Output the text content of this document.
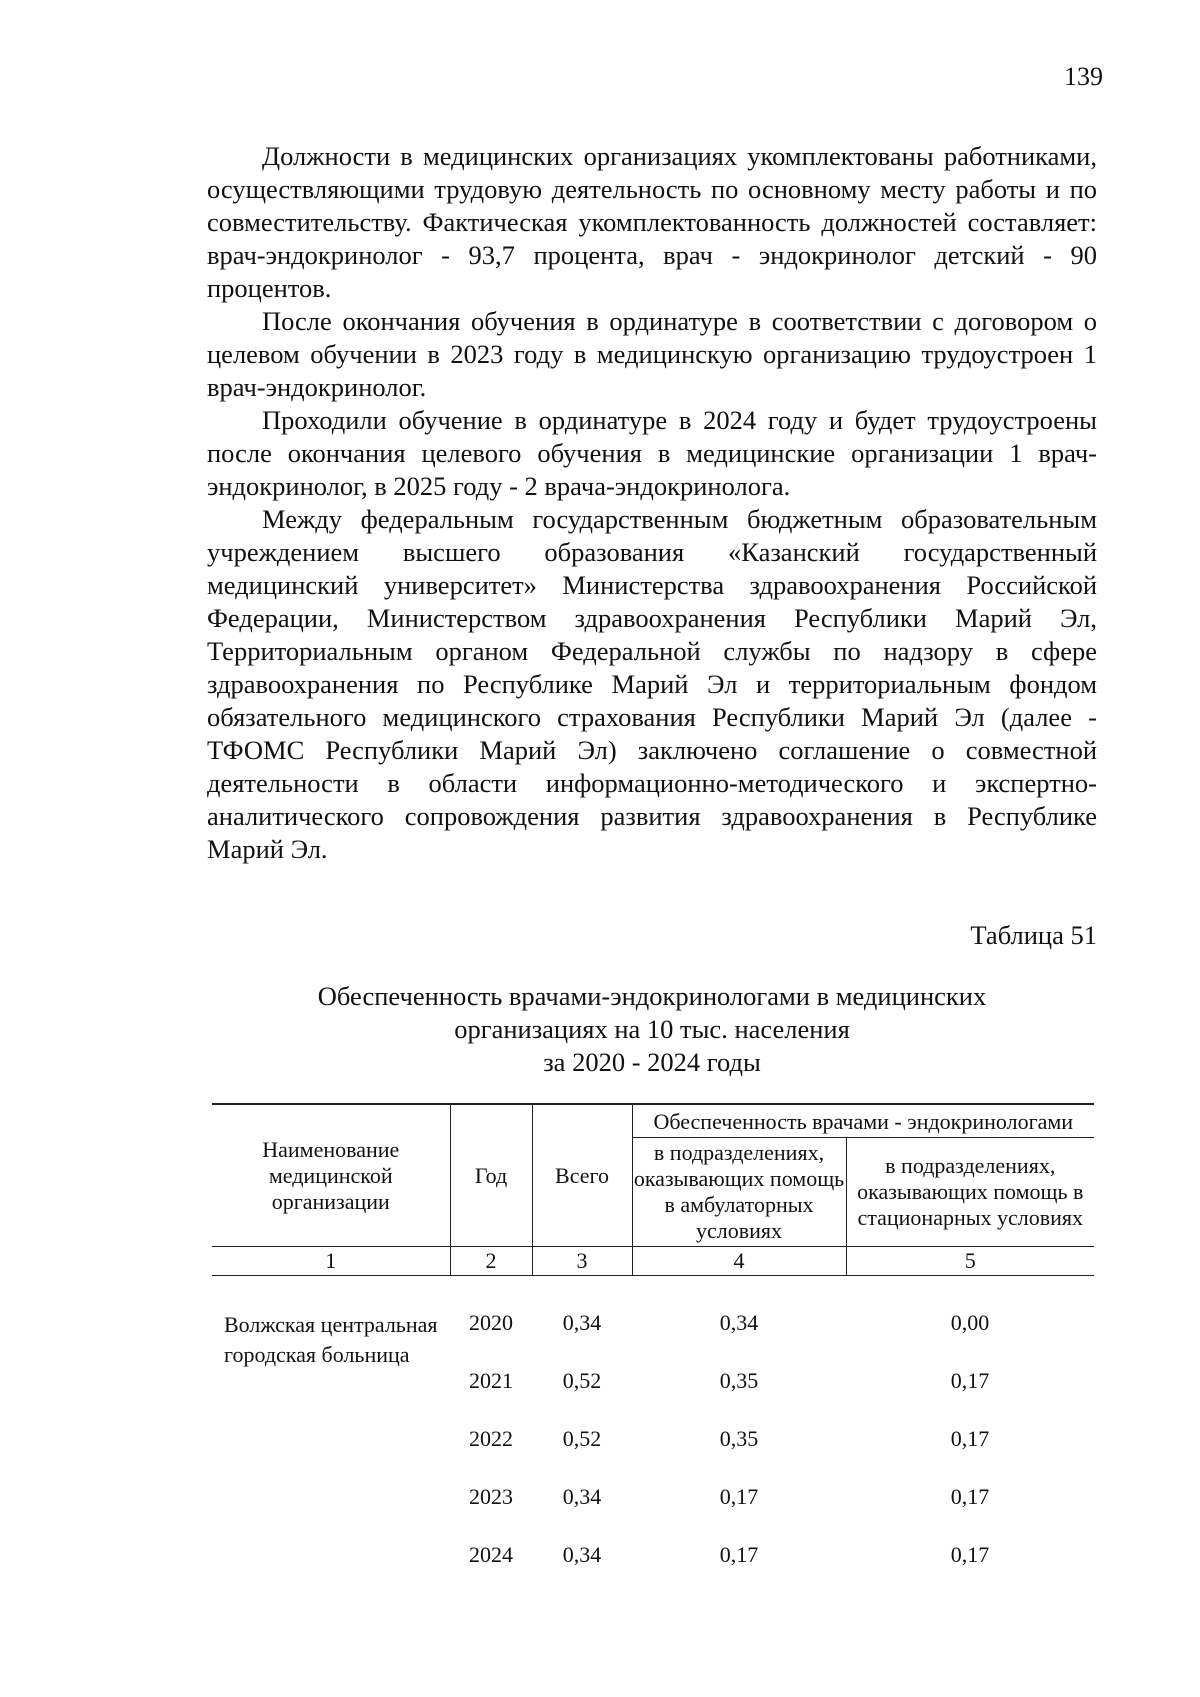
139

Должности в медицинских организациях укомплектованы работниками, осуществляющими трудовую деятельность по основному месту работы и по совместительству. Фактическая укомплектованность должностей составляет: врач-эндокринолог - 93,7 процента, врач - эндокринолог детский - 90 процентов.

После окончания обучения в ординатуре в соответствии с договором о целевом обучении в 2023 году в медицинскую организацию трудоустроен 1 врач-эндокринолог.

Проходили обучение в ординатуре в 2024 году и будет трудоустроены после окончания целевого обучения в медицинские организации 1 врач-эндокринолог, в 2025 году - 2 врача-эндокринолога.

Между федеральным государственным бюджетным образовательным учреждением высшего образования «Казанский государственный медицинский университет» Министерства здравоохранения Российской Федерации, Министерством здравоохранения Республики Марий Эл, Территориальным органом Федеральной службы по надзору в сфере здравоохранения по Республике Марий Эл и территориальным фондом обязательного медицинского страхования Республики Марий Эл (далее - ТФОМС Республики Марий Эл) заключено соглашение о совместной деятельности в области информационно-методического и экспертно-аналитического сопровождения развития здравоохранения в Республике Марий Эл.

Таблица 51
Обеспеченность врачами-эндокринологами в медицинских
организациях на 10 тыс. населения
за 2020 - 2024 годы
Наименование медицинской организации	Год	Всего	Обеспеченность врачами - эндокринологами	
			в подразделениях, оказывающих помощь в амбулаторных условиях	в подразделениях, оказывающих помощь в стационарных условиях
1	2	3	4	5
Волжская центральная городская больница	2020	0,34	0,34	0,00
	2021	0,52	0,35	0,17
	2022	0,52	0,35	0,17
	2023	0,34	0,17	0,17
	2024	0,34	0,17	0,17
